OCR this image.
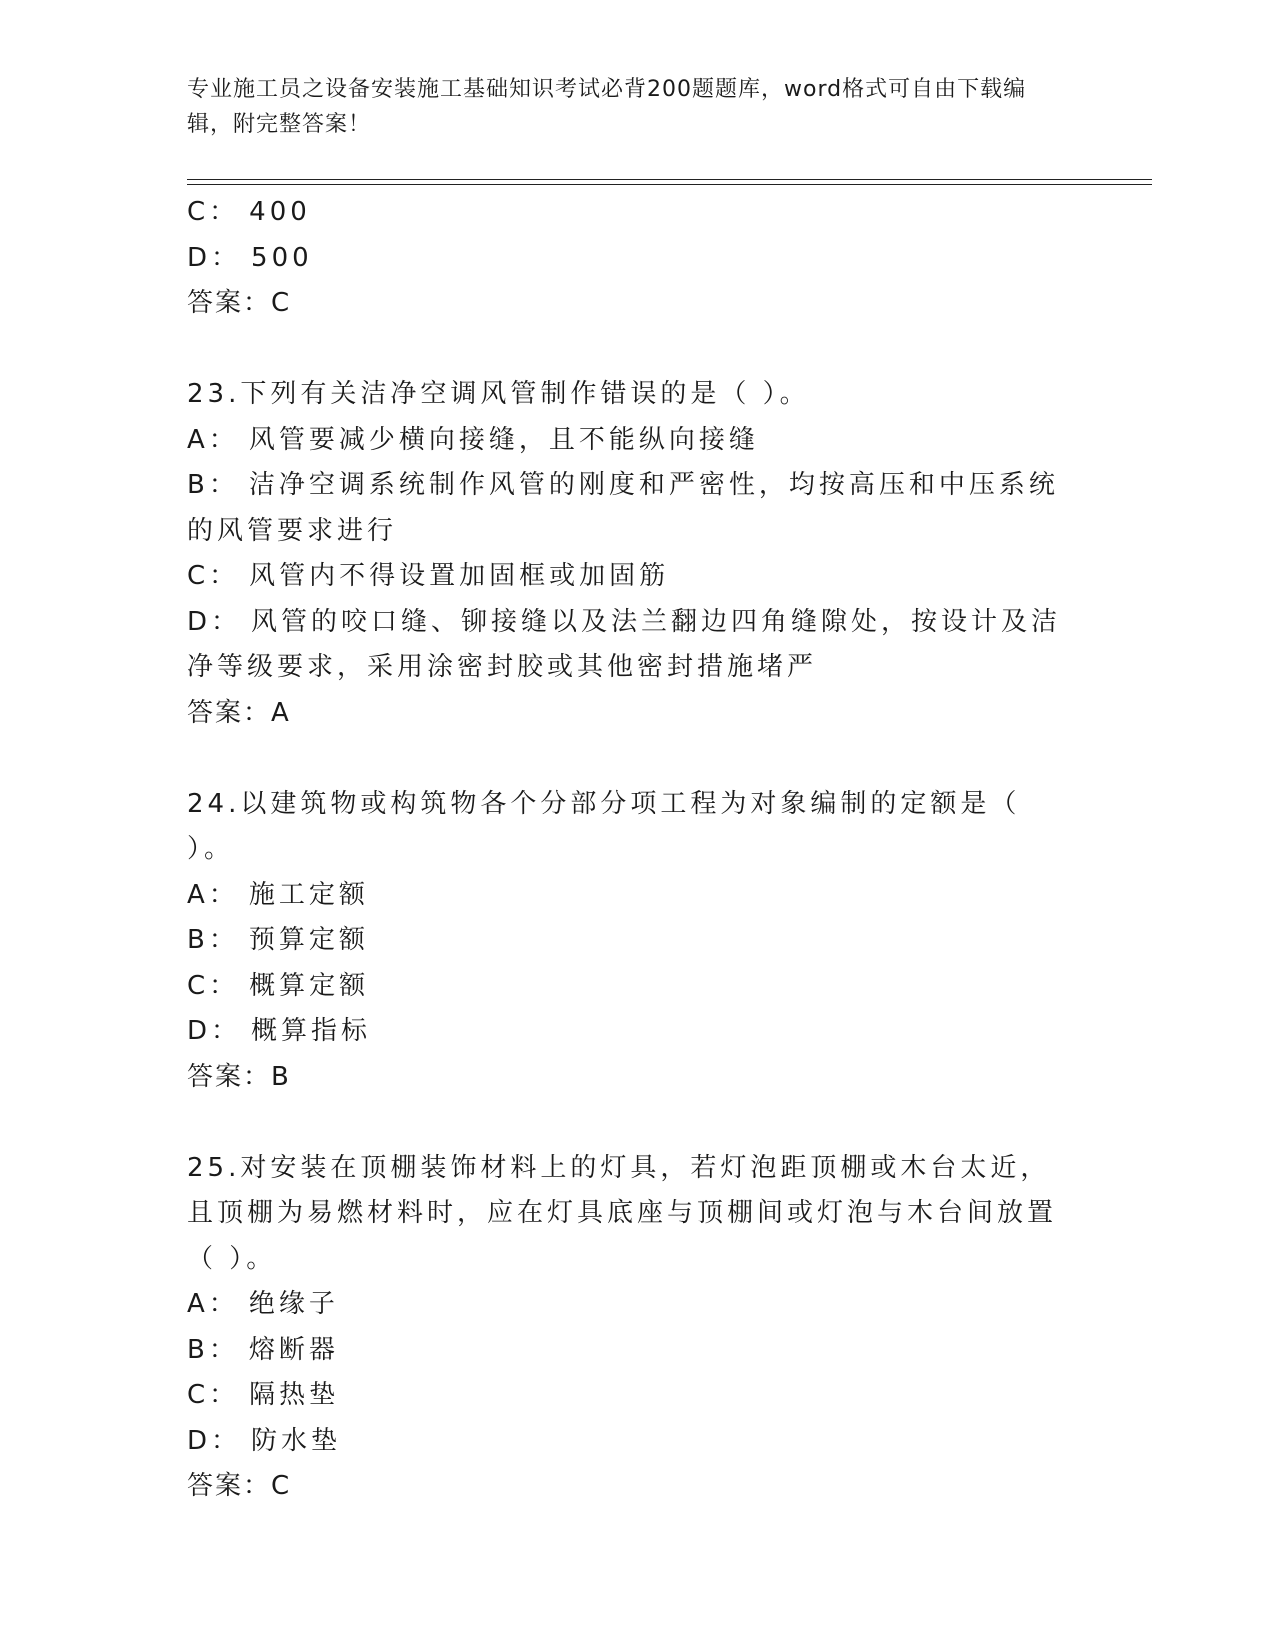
专业施工员之设备安装施工基础知识考试必背200题题库，word格式可自由下载编辑，附完整答案！
C： 400
D： 500
答案：C
23.下列有关洁净空调风管制作错误的是（ ）。
A： 风管要减少横向接缝，且不能纵向接缝
B： 洁净空调系统制作风管的刚度和严密性，均按高压和中压系统的风管要求进行
C： 风管内不得设置加固框或加固筋
D： 风管的咬口缝、铆接缝以及法兰翻边四角缝隙处，按设计及洁净等级要求，采用涂密封胶或其他密封措施堵严
答案：A
24.以建筑物或构筑物各个分部分项工程为对象编制的定额是（ ）。
A： 施工定额
B： 预算定额
C： 概算定额
D： 概算指标
答案：B
25.对安装在顶棚装饰材料上的灯具，若灯泡距顶棚或木台太近，且顶棚为易燃材料时，应在灯具底座与顶棚间或灯泡与木台间放置（ ）。
A： 绝缘子
B： 熔断器
C： 隔热垫
D： 防水垫
答案：C
